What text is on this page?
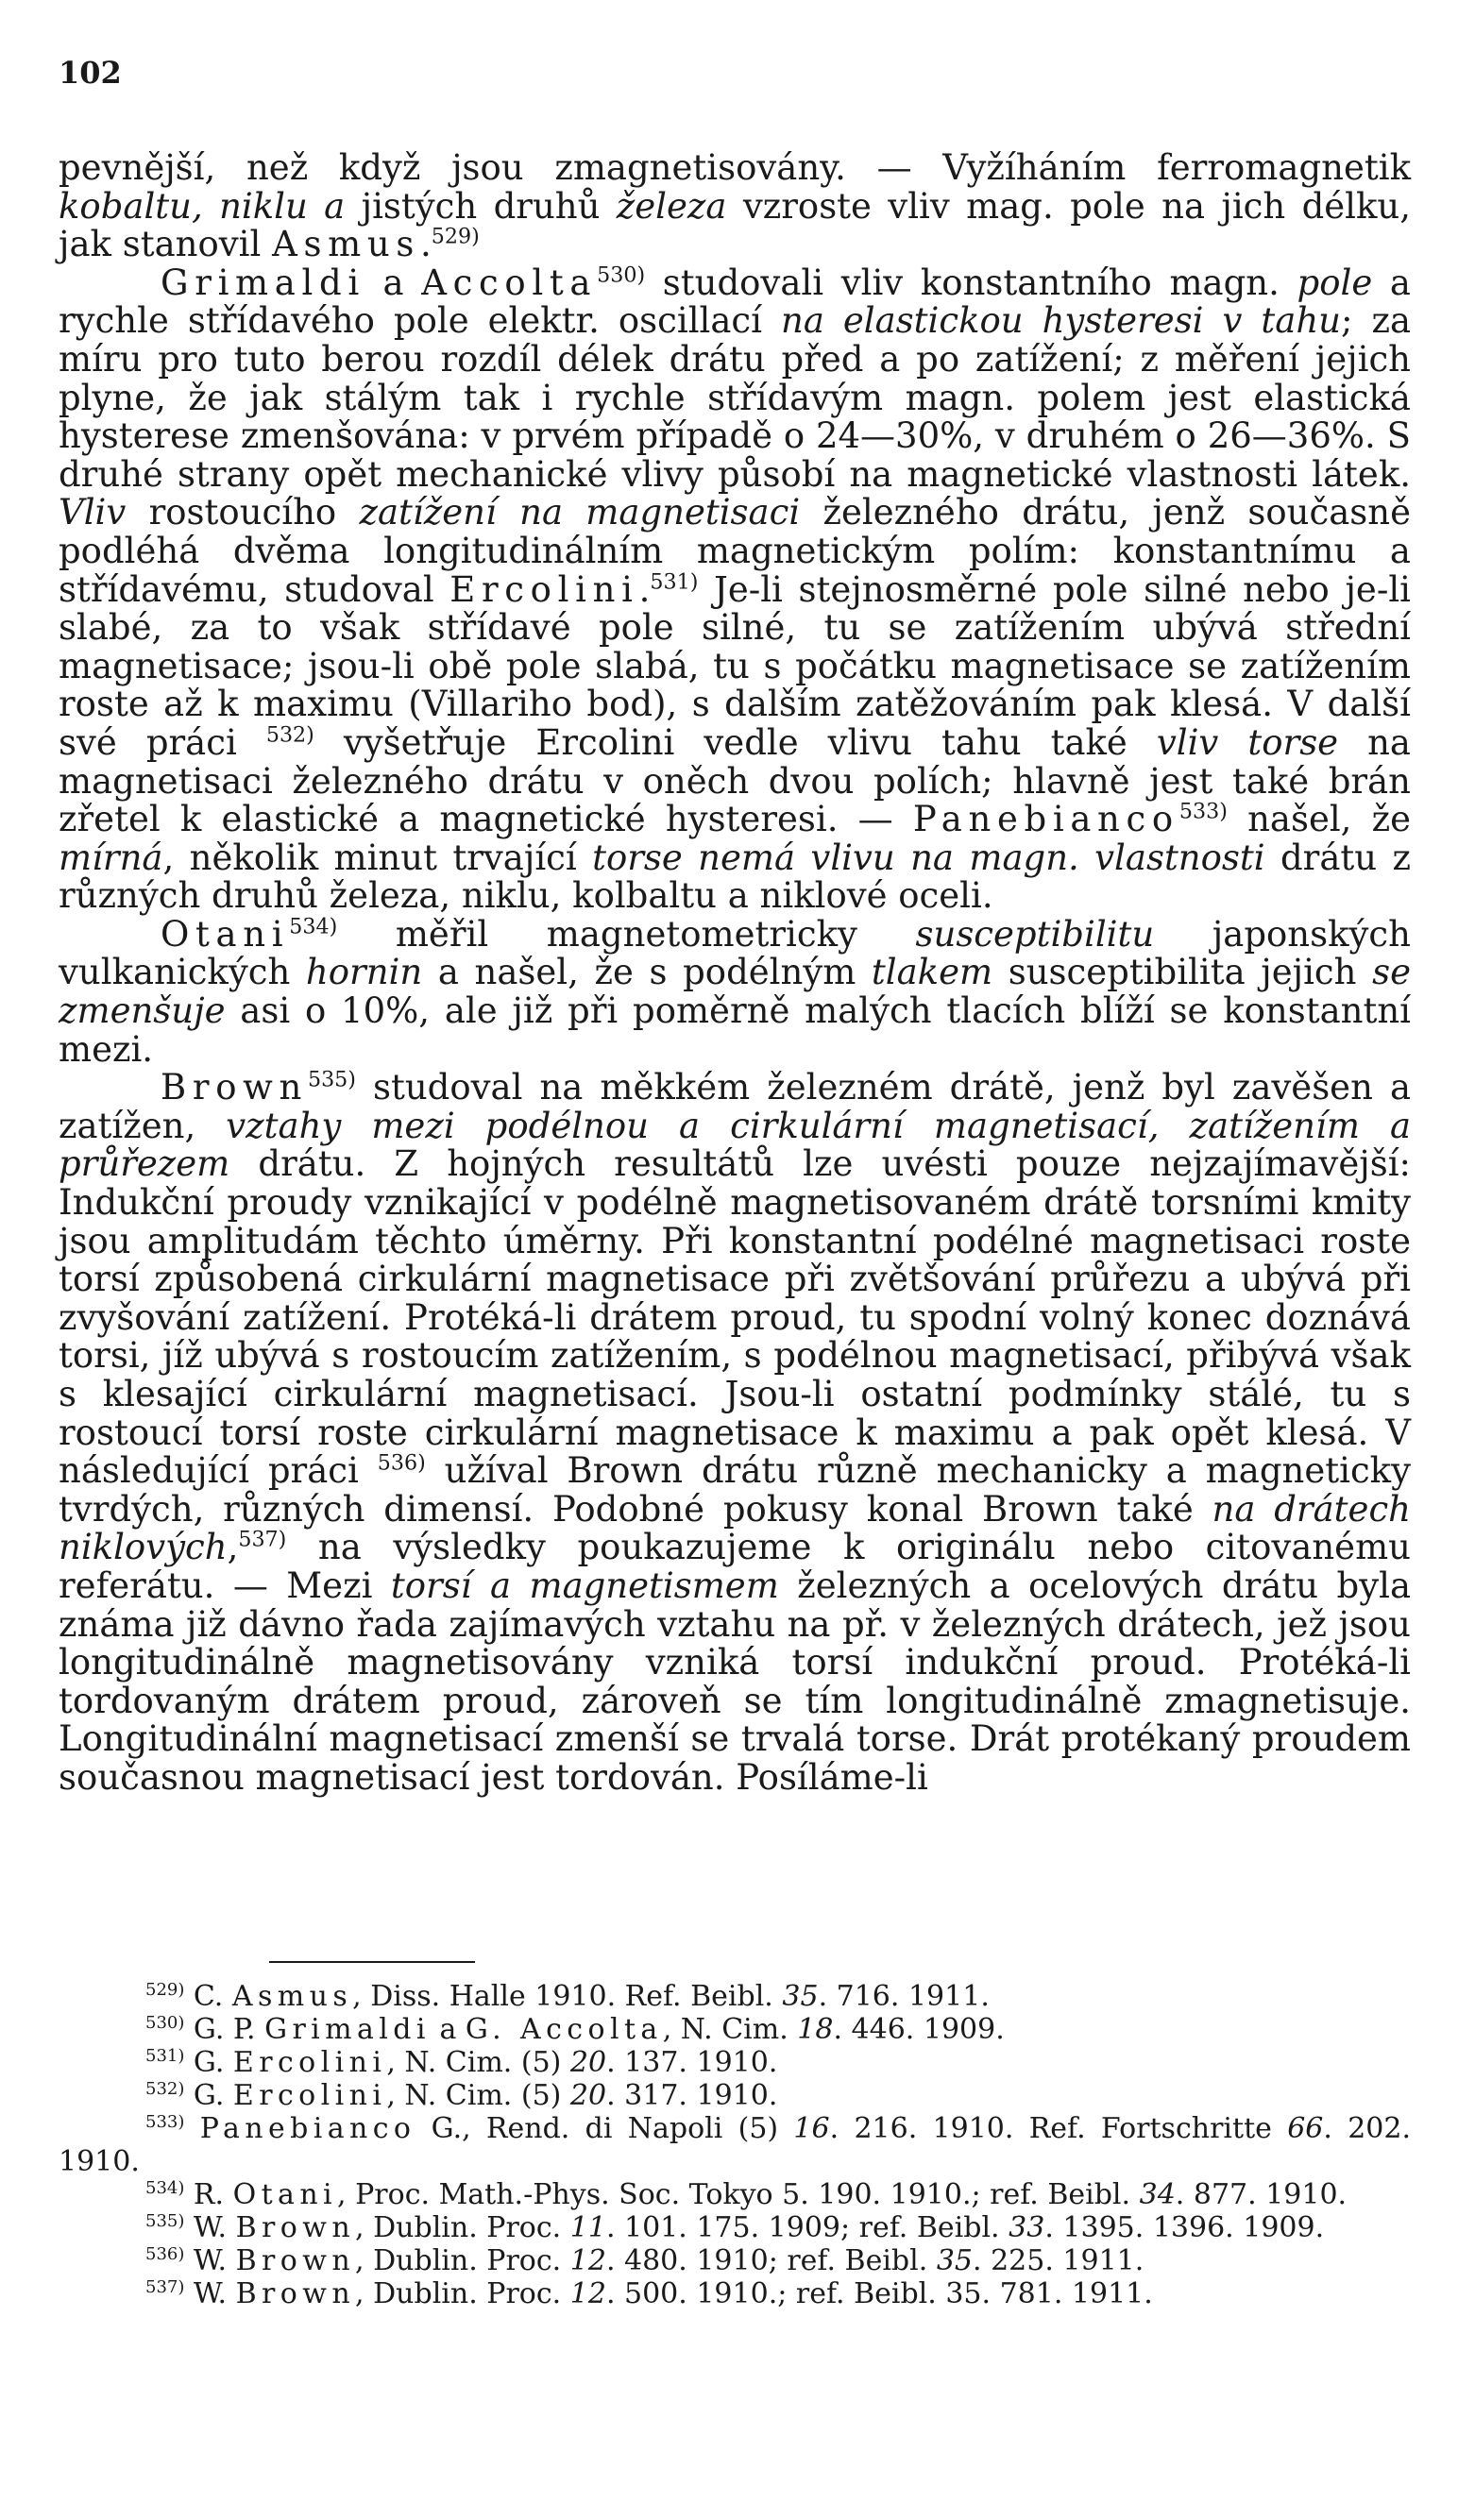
102

pevnější, než když jsou zmagnetisovány. — Vyžíháním ferromagnetik kobaltu, niklu a jistých druhů železa vzroste vliv mag. pole na jich délku, jak stanovil Asmus.$^{529)}$

Grimaldi a Accolta$^{530)}$ studovali vliv konstantního magn. pole a rychle střídavého pole elektr. oscillací na elastickou hysteresi v tahu; za míru pro tuto berou rozdíl délek drátu před a po zatížení; z měření jejich plyne, že jak stálým tak i rychle střídavým magn. polem jest elastická hysterese zmenšována: v prvém případě o 24—30%, v druhém o 26—36%. S druhé strany opět mechanické vlivy působí na magnetické vlastnosti látek. Vliv rostoucího zatížení na magnetisaci železného drátu, jenž současně podléhá dvěma longitudinálním magnetickým polím: konstantnímu a střídavému, studoval Ercolini.$^{531)}$ Je-li stejnosměrné pole silné nebo je-li slabé, za to však střídavé pole silné, tu se zatížením ubývá střední magnetisace; jsou-li obě pole slabá, tu s počátku magnetisace se zatížením roste až k maximu (Villariho bod), s dalším zatěžováním pak klesá. V další své práci $^{532)}$ vyšetřuje Ercolini vedle vlivu tahu také vliv torse na magnetisaci železného drátu v oněch dvou polích; hlavně jest také brán zřetel k elastické a magnetické hysteresi. — Panebianco$^{533)}$ našel, že mírná, několik minut trvající torse nemá vlivu na magn. vlastnosti drátu z různých druhů železa, niklu, kolbaltu a niklové oceli.

Otani$^{534)}$ měřil magnetometricky susceptibilitu japonských vulkanických hornin a našel, že s podélným tlakem susceptibilita jejich se zmenšuje asi o 10%, ale již při poměrně malých tlacích blíží se konstantní mezi.

Brown$^{535)}$ studoval na měkkém železném drátě, jenž byl zavěšen a zatížen, vztahy mezi podélnou a cirkulární magnetisací, zatížením a průřezem drátu. Z hojných resultátů lze uvésti pouze nejzajímavější: Indukční proudy vznikající v podélně magnetisovaném drátě torsními kmity jsou amplitudám těchto úměrny. Při konstantní podélné magnetisaci roste torsí způsobená cirkulární magnetisace při zvětšování průřezu a ubývá při zvyšování zatížení. Protéká-li drátem proud, tu spodní volný konec doznává torsi, jíž ubývá s rostoucím zatížením, s podélnou magnetisací, přibývá však s klesající cirkulární magnetisací. Jsou-li ostatní podmínky stálé, tu s rostoucí torsí roste cirkulární magnetisace k maximu a pak opět klesá. V následující práci $^{536)}$ užíval Brown drátu různě mechanicky a magneticky tvrdých, různých dimensí. Podobné pokusy konal Brown také na drátech niklových,$^{537)}$ na výsledky poukazujeme k originálu nebo citovanému referátu. — Mezi torsí a magnetismem železných a ocelových drátu byla známa již dávno řada zajímavých vztahu na př. v železných drátech, jež jsou longitudinálně magnetisovány vzniká torsí indukční proud. Protéká-li tordovaným drátem proud, zároveň se tím longitudinálně zmagnetisuje. Longitudinální magnetisací zmenší se trvalá torse. Drát protékaný proudem současnou magnetisací jest tordován. Posíláme-li

$^{529)}$ C. Asmus, Diss. Halle 1910. Ref. Beibl. 35. 716. 1911.
$^{530)}$ G. P. Grimaldi a G. Accolta, N. Cim. 18. 446. 1909.
$^{531)}$ G. Ercolini, N. Cim. (5) 20. 137. 1910.
$^{532)}$ G. Ercolini, N. Cim. (5) 20. 317. 1910.
$^{533)}$ Panebianco G., Rend. di Napoli (5) 16. 216. 1910. Ref. Fortschritte 66. 202. 1910.
$^{534)}$ R. Otani, Proc. Math.-Phys. Soc. Tokyo 5. 190. 1910.; ref. Beibl. 34. 877. 1910.
$^{535)}$ W. Brown, Dublin. Proc. 11. 101. 175. 1909; ref. Beibl. 33. 1395. 1396. 1909.
$^{536)}$ W. Brown, Dublin. Proc. 12. 480. 1910; ref. Beibl. 35. 225. 1911.
$^{537)}$ W. Brown, Dublin. Proc. 12. 500. 1910.; ref. Beibl. 35. 781. 1911.
